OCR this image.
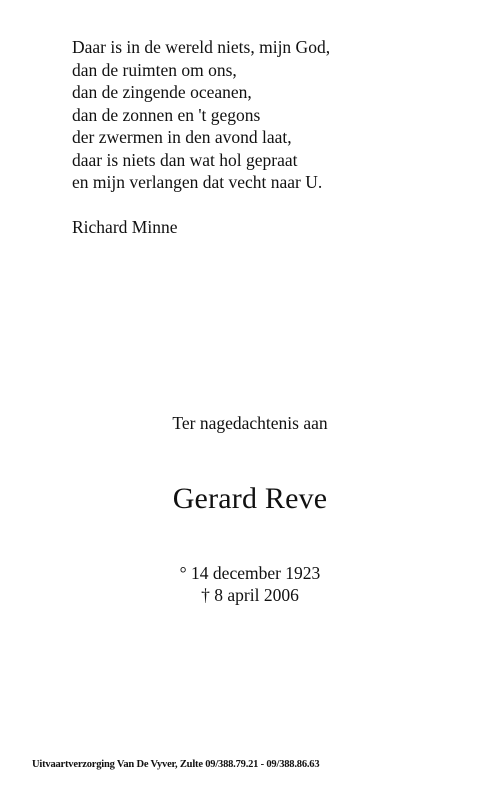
Daar is in de wereld niets, mijn God,
dan de ruimten om ons,
dan de zingende oceanen,
dan de zonnen en 't gegons
der zwermen in den avond laat,
daar is niets dan wat hol gepraat
en mijn verlangen dat vecht naar U.
Richard Minne
Ter nagedachtenis aan
Gerard Reve
° 14 december 1923
† 8 april 2006
Uitvaartverzorging Van De Vyver, Zulte 09/388.79.21 - 09/388.86.63
